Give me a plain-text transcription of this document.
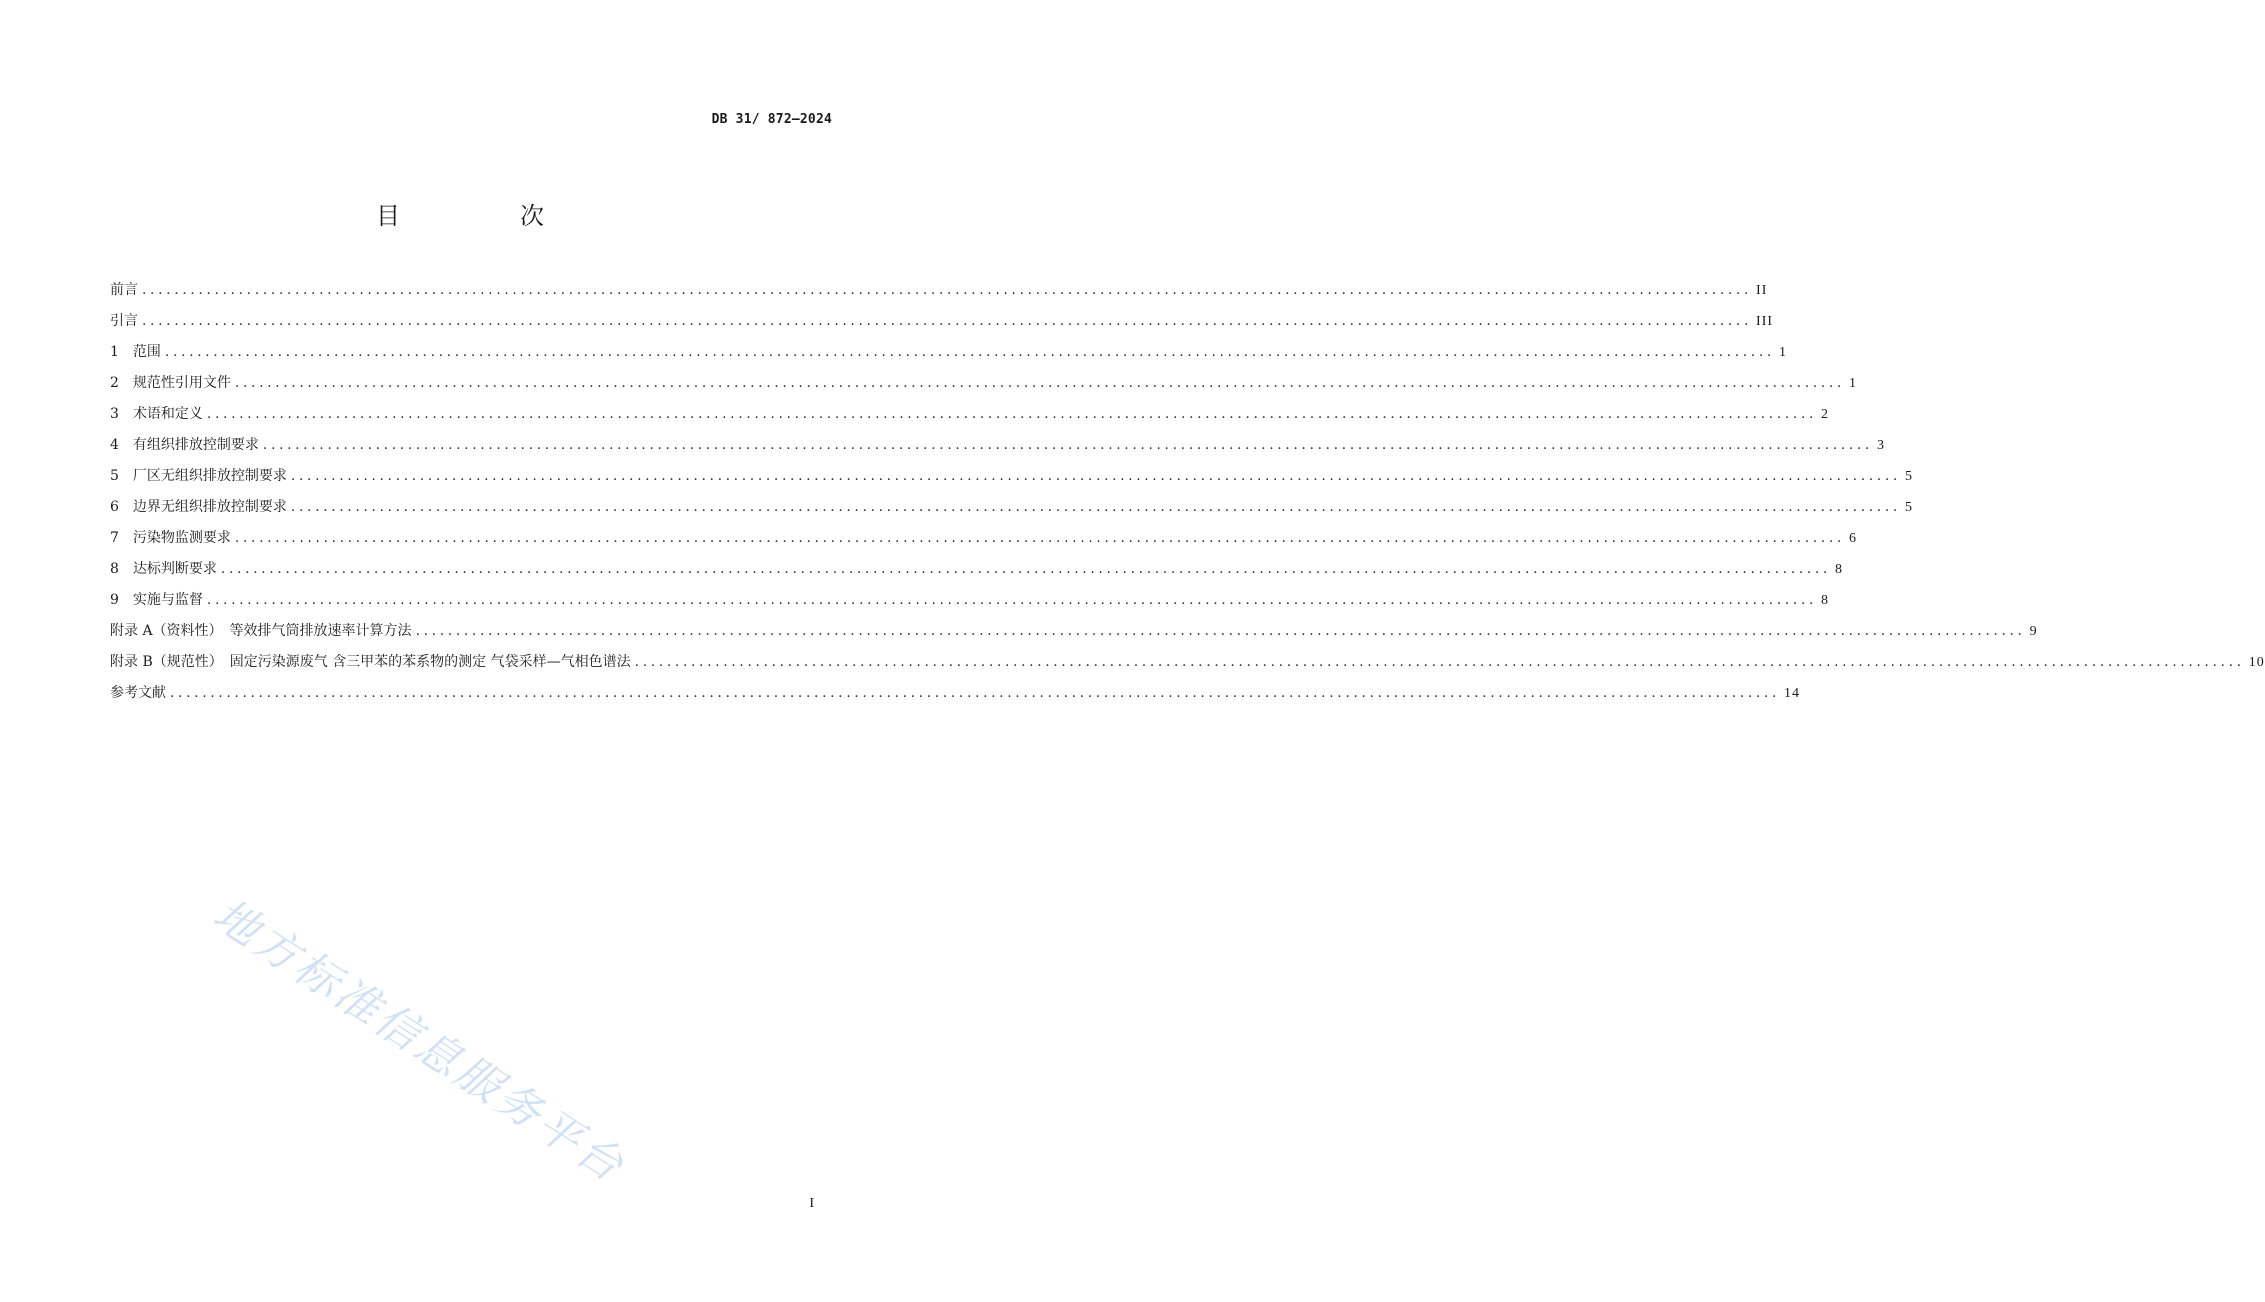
DB 31/ 872—2024
目　次
前言 ........................................................................................................................................................................................................ II
引言 ........................................................................................................................................................................................................ III
1　范围 ........................................................................................................................................................................................................ 1
2　规范性引用文件 ........................................................................................................................................................................................................ 1
3　术语和定义 ........................................................................................................................................................................................................ 2
4　有组织排放控制要求 ........................................................................................................................................................................................................ 3
5　厂区无组织排放控制要求 ........................................................................................................................................................................................................ 5
6　边界无组织排放控制要求 ........................................................................................................................................................................................................ 5
7　污染物监测要求 ........................................................................................................................................................................................................ 6
8　达标判断要求 ........................................................................................................................................................................................................ 8
9　实施与监督 ........................................................................................................................................................................................................ 8
附录 A（资料性）　等效排气筒排放速率计算方法 ........................................................................................................................................................................................................ 9
附录 B（规范性）　固定污染源废气 含三甲苯的苯系物的测定 气袋采样—气相色谱法 ........................................................................................................................................................................................................ 10
参考文献 ........................................................................................................................................................................................................ 14
地方标准信息服务平台
I
